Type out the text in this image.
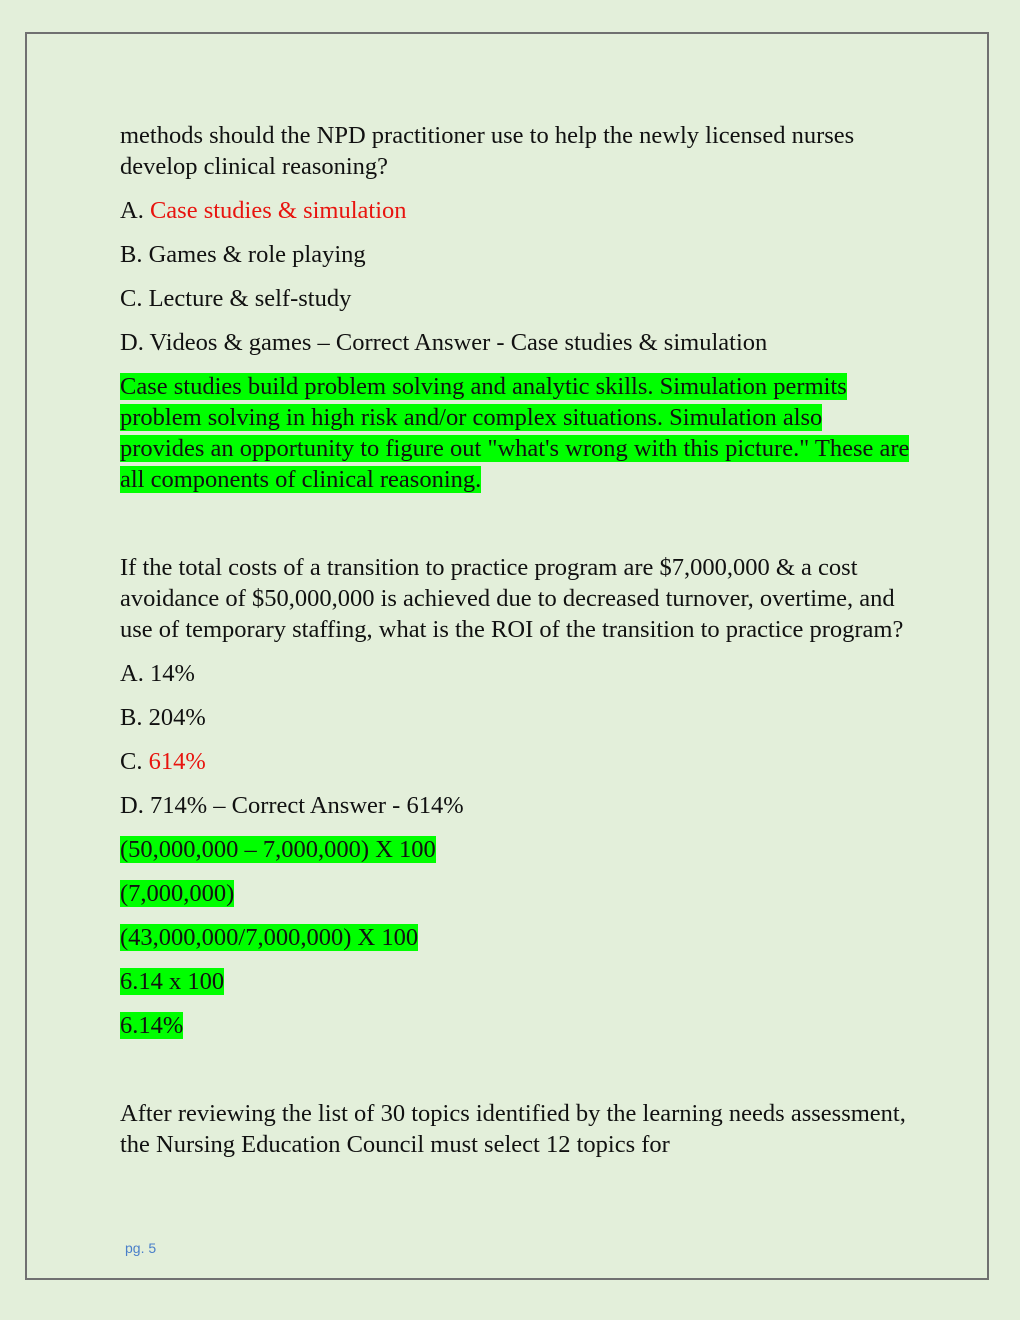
methods should the NPD practitioner use to help the newly licensed nurses develop clinical reasoning?

A. Case studies & simulation

B. Games & role playing

C. Lecture & self-study

D. Videos & games – Correct Answer - Case studies & simulation

Case studies build problem solving and analytic skills. Simulation permits problem solving in high risk and/or complex situations. Simulation also provides an opportunity to figure out "what's wrong with this picture." These are all components of clinical reasoning.

If the total costs of a transition to practice program are $7,000,000 & a cost avoidance of $50,000,000 is achieved due to decreased turnover, overtime, and use of temporary staffing, what is the ROI of the transition to practice program?

A. 14%

B. 204%

C. 614%

D. 714% – Correct Answer - 614%

(50,000,000 – 7,000,000) X 100

(7,000,000)

(43,000,000/7,000,000) X 100

6.14 x 100

6.14%

After reviewing the list of 30 topics identified by the learning needs assessment, the Nursing Education Council must select 12 topics for

pg. 5
